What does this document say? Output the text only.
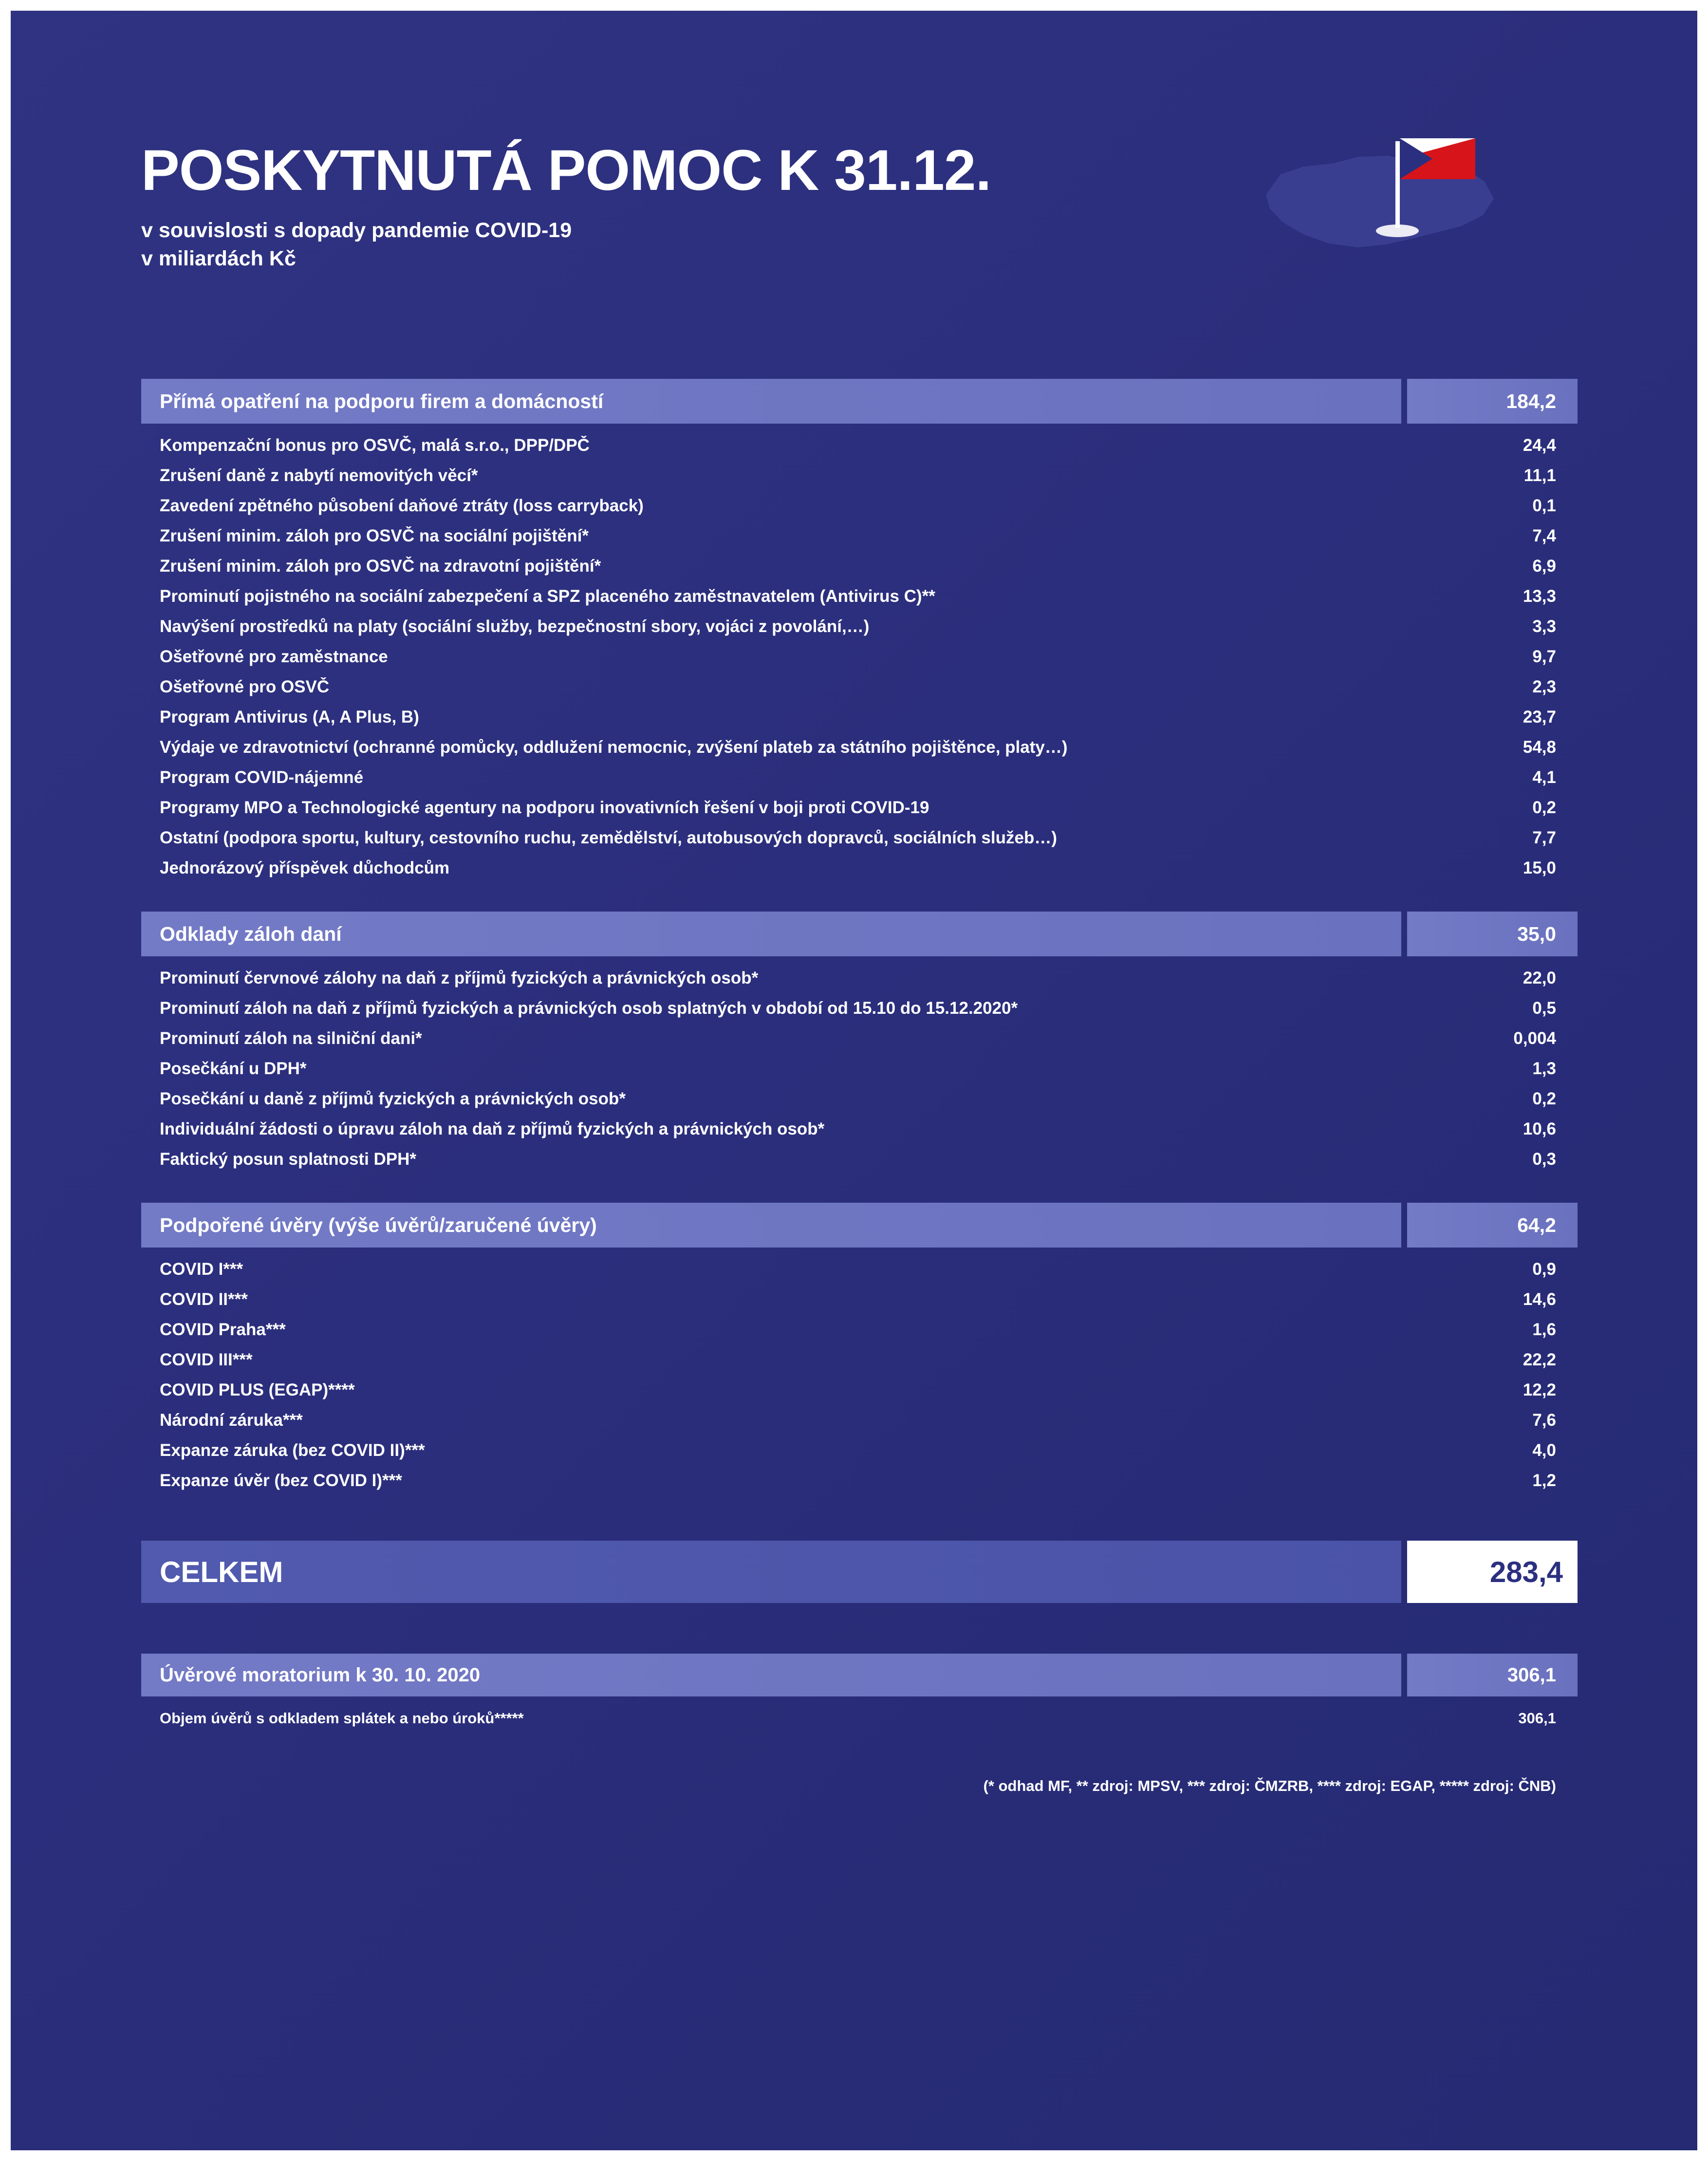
POSKYTNUTÁ POMOC K 31.12.
v souvislosti s dopady pandemie COVID-19
v miliardách Kč
Přímá opatření na podporu firem a domácností	184,2
Kompenzační bonus pro OSVČ, malá s.r.o., DPP/DPČ	24,4
Zrušení daně z nabytí nemovitých věcí*	11,1
Zavedení zpětného působení daňové ztráty (loss carryback)	0,1
Zrušení minim. záloh pro OSVČ na sociální pojištění*	7,4
Zrušení minim. záloh pro OSVČ na zdravotní pojištění*	6,9
Prominutí pojistného na sociální zabezpečení a SPZ placeného zaměstnavatelem (Antivirus C)**	13,3
Navýšení prostředků na platy (sociální služby, bezpečnostní sbory, vojáci z povolání,…)	3,3
Ošetřovné pro zaměstnance	9,7
Ošetřovné pro OSVČ	2,3
Program Antivirus (A, A Plus, B)	23,7
Výdaje ve zdravotnictví (ochranné pomůcky, oddlužení nemocnic, zvýšení plateb za státního pojištěnce, platy…)	54,8
Program COVID-nájemné	4,1
Programy MPO a Technologické agentury na podporu inovativních řešení v boji proti COVID-19	0,2
Ostatní (podpora sportu, kultury, cestovního ruchu, zemědělství, autobusových dopravců, sociálních služeb…)	7,7
Jednorázový příspěvek důchodcům	15,0
Odklady záloh daní	35,0
Prominutí červnové zálohy na daň z příjmů fyzických a právnických osob*	22,0
Prominutí záloh na daň z příjmů fyzických a právnických osob splatných v období od 15.10 do 15.12.2020*	0,5
Prominutí záloh na silniční dani*	0,004
Posečkání u DPH*	1,3
Posečkání u daně z příjmů fyzických a právnických osob*	0,2
Individuální žádosti o úpravu záloh na daň z příjmů fyzických a právnických osob*	10,6
Faktický posun splatnosti DPH*	0,3
Podpořené úvěry (výše úvěrů/zaručené úvěry)	64,2
COVID I***	0,9
COVID II***	14,6
COVID Praha***	1,6
COVID III***	22,2
COVID PLUS (EGAP)****	12,2
Národní záruka***	7,6
Expanze záruka (bez COVID II)***	4,0
Expanze úvěr (bez COVID I)***	1,2
CELKEM	283,4
Úvěrové moratorium k 30. 10. 2020	306,1
Objem úvěrů s odkladem splátek a nebo úroků*****	306,1
(* odhad MF, ** zdroj: MPSV, *** zdroj: ČMZRB, **** zdroj: EGAP, ***** zdroj: ČNB)
